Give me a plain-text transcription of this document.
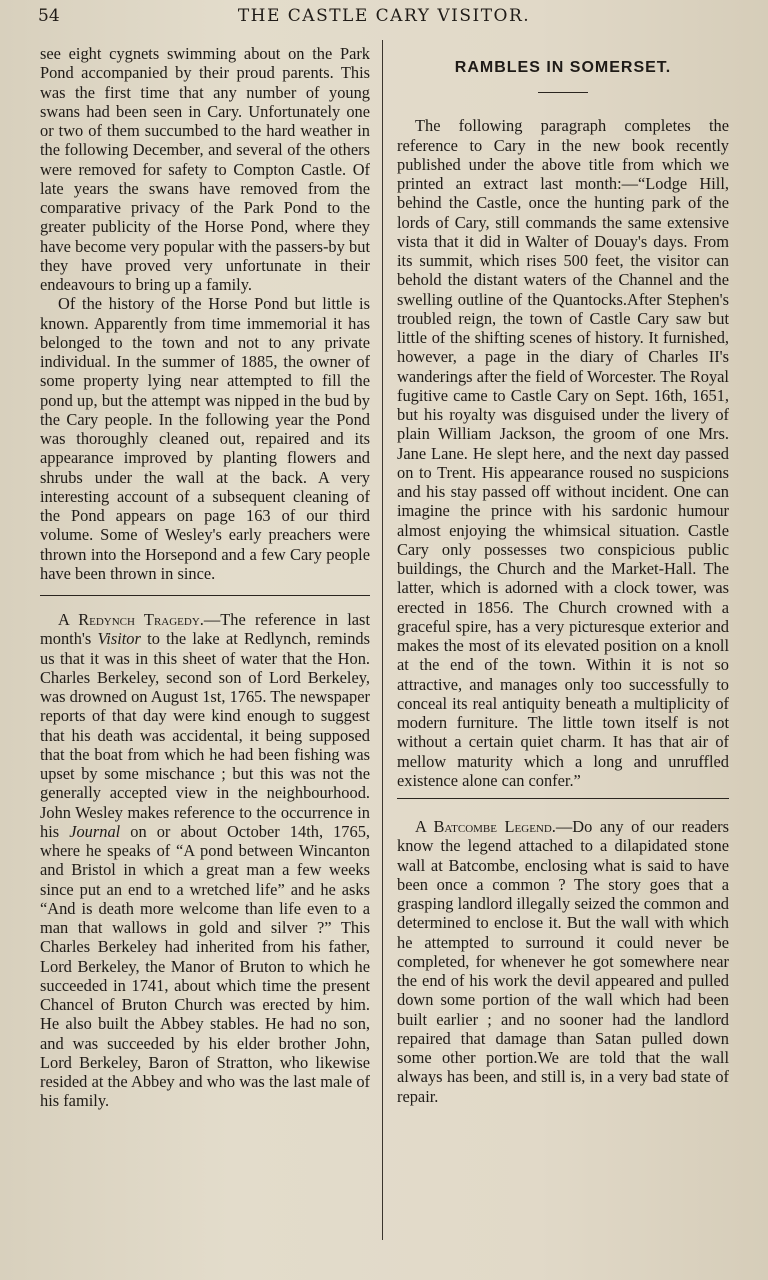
54	THE CASTLE CARY VISITOR.

see eight cygnets swimming about on the Park Pond accompanied by their proud parents. This was the first time that any number of young swans had been seen in Cary. Unfortunately one or two of them succumbed to the hard weather in the following December, and several of the others were removed for safety to Compton Castle. Of late years the swans have removed from the comparative privacy of the Park Pond to the greater publicity of the Horse Pond, where they have become very popular with the passers-by but they have proved very unfortunate in their endeavours to bring up a family.

Of the history of the Horse Pond but little is known. Apparently from time immemorial it has belonged to the town and not to any private individual. In the summer of 1885, the owner of some property lying near attempted to fill the pond up, but the attempt was nipped in the bud by the Cary people. In the following year the Pond was thoroughly cleaned out, repaired and its appearance improved by planting flowers and shrubs under the wall at the back. A very interesting account of a subsequent cleaning of the Pond appears on page 163 of our third volume. Some of Wesley's early preachers were thrown into the Horsepond and a few Cary people have been thrown in since.

A Redynch Tragedy.—The reference in last month's Visitor to the lake at Redlynch, reminds us that it was in this sheet of water that the Hon. Charles Berkeley, second son of Lord Berkeley, was drowned on August 1st, 1765. The newspaper reports of that day were kind enough to suggest that his death was accidental, it being supposed that the boat from which he had been fishing was upset by some mischance ; but this was not the generally accepted view in the neighbourhood. John Wesley makes reference to the occurrence in his Journal on or about October 14th, 1765, where he speaks of “A pond between Wincanton and Bristol in which a great man a few weeks since put an end to a wretched life” and he asks “And is death more welcome than life even to a man that wallows in gold and silver ?” This Charles Berkeley had inherited from his father, Lord Berkeley, the Manor of Bruton to which he succeeded in 1741, about which time the present Chancel of Bruton Church was erected by him. He also built the Abbey stables. He had no son, and was succeeded by his elder brother John, Lord Berkeley, Baron of Stratton, who likewise resided at the Abbey and who was the last male of his family.

RAMBLES IN SOMERSET.

The following paragraph completes the reference to Cary in the new book recently published under the above title from which we printed an extract last month:—“Lodge Hill, behind the Castle, once the hunting park of the lords of Cary, still commands the same extensive vista that it did in Walter of Douay's days. From its summit, which rises 500 feet, the visitor can behold the distant waters of the Channel and the swelling outline of the Quantocks.After Stephen's troubled reign, the town of Castle Cary saw but little of the shifting scenes of history. It furnished, however, a page in the diary of Charles II's wanderings after the field of Worcester. The Royal fugitive came to Castle Cary on Sept. 16th, 1651, but his royalty was disguised under the livery of plain William Jackson, the groom of one Mrs. Jane Lane. He slept here, and the next day passed on to Trent. His appearance roused no suspicions and his stay passed off without incident. One can imagine the prince with his sardonic humour almost enjoying the whimsical situation. Castle Cary only possesses two conspicious public buildings, the Church and the Market-Hall. The latter, which is adorned with a clock tower, was erected in 1856. The Church crowned with a graceful spire, has a very picturesque exterior and makes the most of its elevated position on a knoll at the end of the town. Within it is not so attractive, and manages only too successfully to conceal its real antiquity beneath a multiplicity of modern furniture. The little town itself is not without a certain quiet charm. It has that air of mellow maturity which a long and unruffled existence alone can confer.”

A Batcombe Legend.—Do any of our readers know the legend attached to a dilapidated stone wall at Batcombe, enclosing what is said to have been once a common ? The story goes that a grasping landlord illegally seized the common and determined to enclose it. But the wall with which he attempted to surround it could never be completed, for whenever he got somewhere near the end of his work the devil appeared and pulled down some portion of the wall which had been built earlier ; and no sooner had the landlord repaired that damage than Satan pulled down some other portion.We are told that the wall always has been, and still is, in a very bad state of repair.
